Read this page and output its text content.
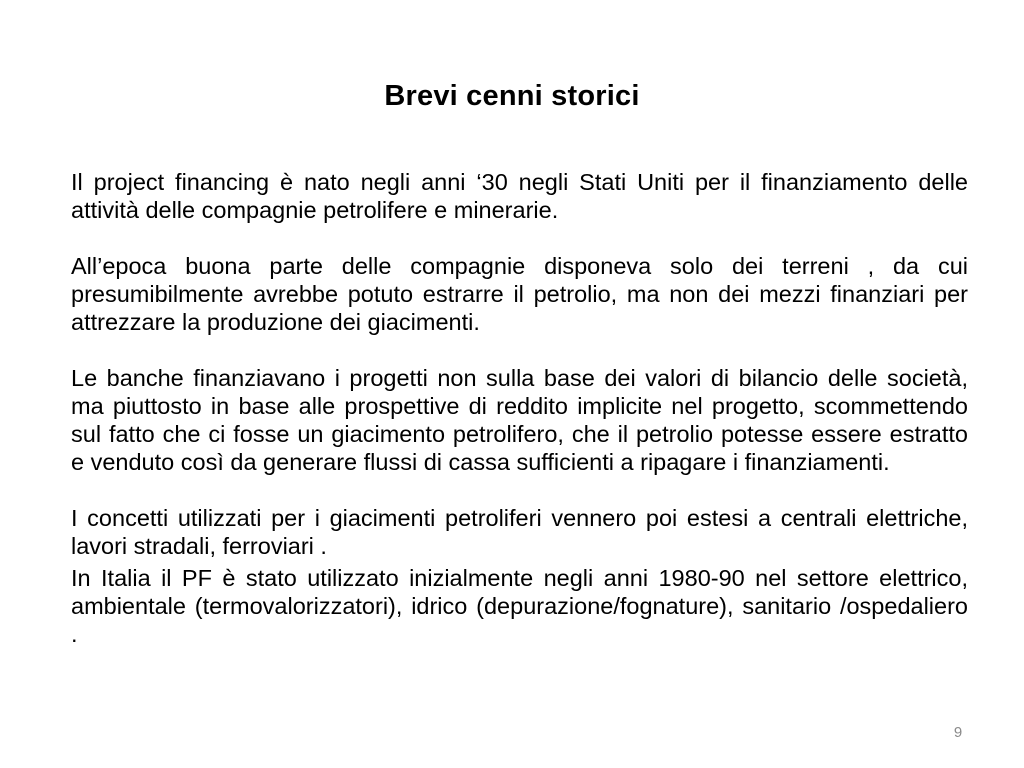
Brevi cenni storici

Il project financing è nato negli anni ‘30 negli Stati Uniti per il finanziamento delle attività delle compagnie petrolifere e minerarie.

All’epoca buona parte delle compagnie disponeva solo dei terreni , da cui presumibilmente avrebbe potuto estrarre il petrolio, ma non dei mezzi finanziari per attrezzare la produzione dei giacimenti.

Le banche finanziavano i progetti non sulla base dei valori di bilancio delle società, ma piuttosto in base alle prospettive di reddito implicite nel progetto, scommettendo sul fatto che ci fosse un giacimento petrolifero, che il petrolio potesse essere estratto e venduto così da generare flussi di cassa sufficienti a ripagare i finanziamenti.

I concetti utilizzati per i giacimenti petroliferi vennero poi estesi a centrali elettriche, lavori stradali, ferroviari .

In Italia il PF è stato utilizzato inizialmente negli anni 1980-90 nel settore elettrico, ambientale (termovalorizzatori), idrico (depurazione/fognature), sanitario /ospedaliero .

9
